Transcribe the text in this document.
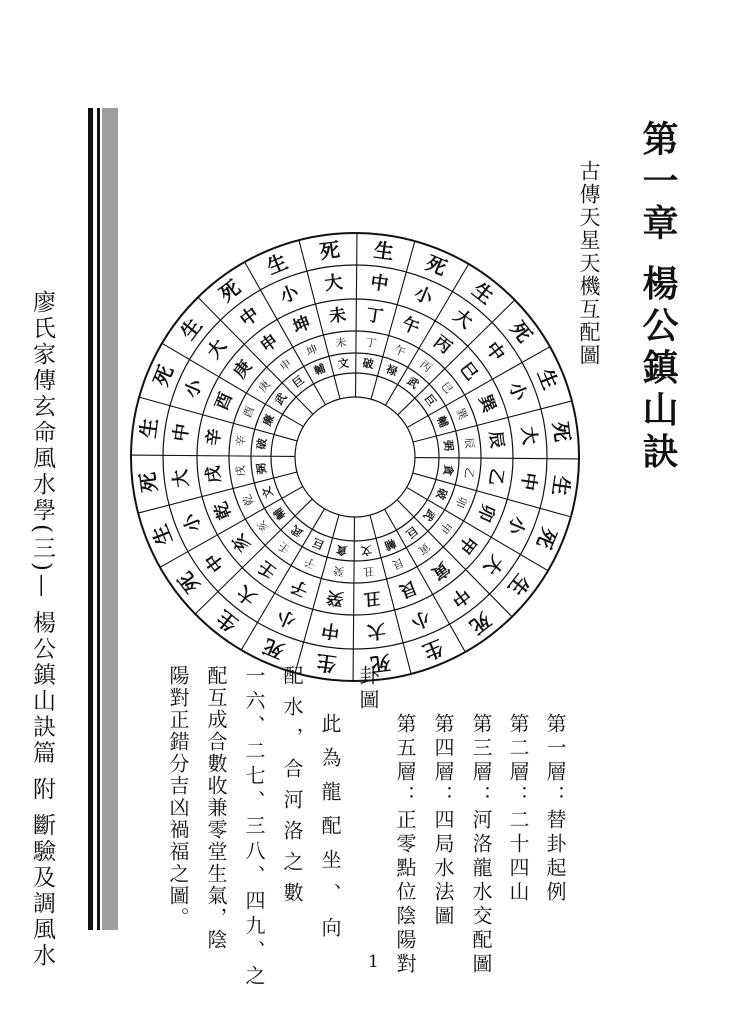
廖氏家傳玄命風水學(三)— 楊公鎮山訣篇 附 斷驗及調風水	第一章 楊公鎮山訣
古傳天星天機互配圖
生 死
生
死
生
死
生
死
生
死
生
死
生
死
生
死
生
死
生
死
生
死
生 死
中 小
大
中
小
大
中
小
大
中
小
大
中
小
大
中
小
大
中
小
大
中
小 大
丁 午
丙
巳
巽
辰
乙
卯
甲
寅
艮
丑
癸
子
壬
亥
乾
戌
辛
酉
庚
申
坤 未
丁 午
丙
巳
巽
辰
乙
卯
甲
寅
艮
丑
癸
子
壬
亥
乾
戌
辛
酉
庚
申
坤 未
破 禄
武
巨
輔
弼
貪
破
武
巨
輔
文
貪
巨
武
輔
文
弼
破
廉
武
巨
輔 文
第一層：替卦起例
第二層：二十四山
第三層：河洛龍水交配圖
第四層：四局水法圖
第五層：正零點位陰陽對
卦圖
此為龍配坐、向
配水，合河洛之數
一六、二七、三八、四九、之
配互成合數收兼零堂生氣，陰
陽對正錯分吉凶禍福之圖。
1
